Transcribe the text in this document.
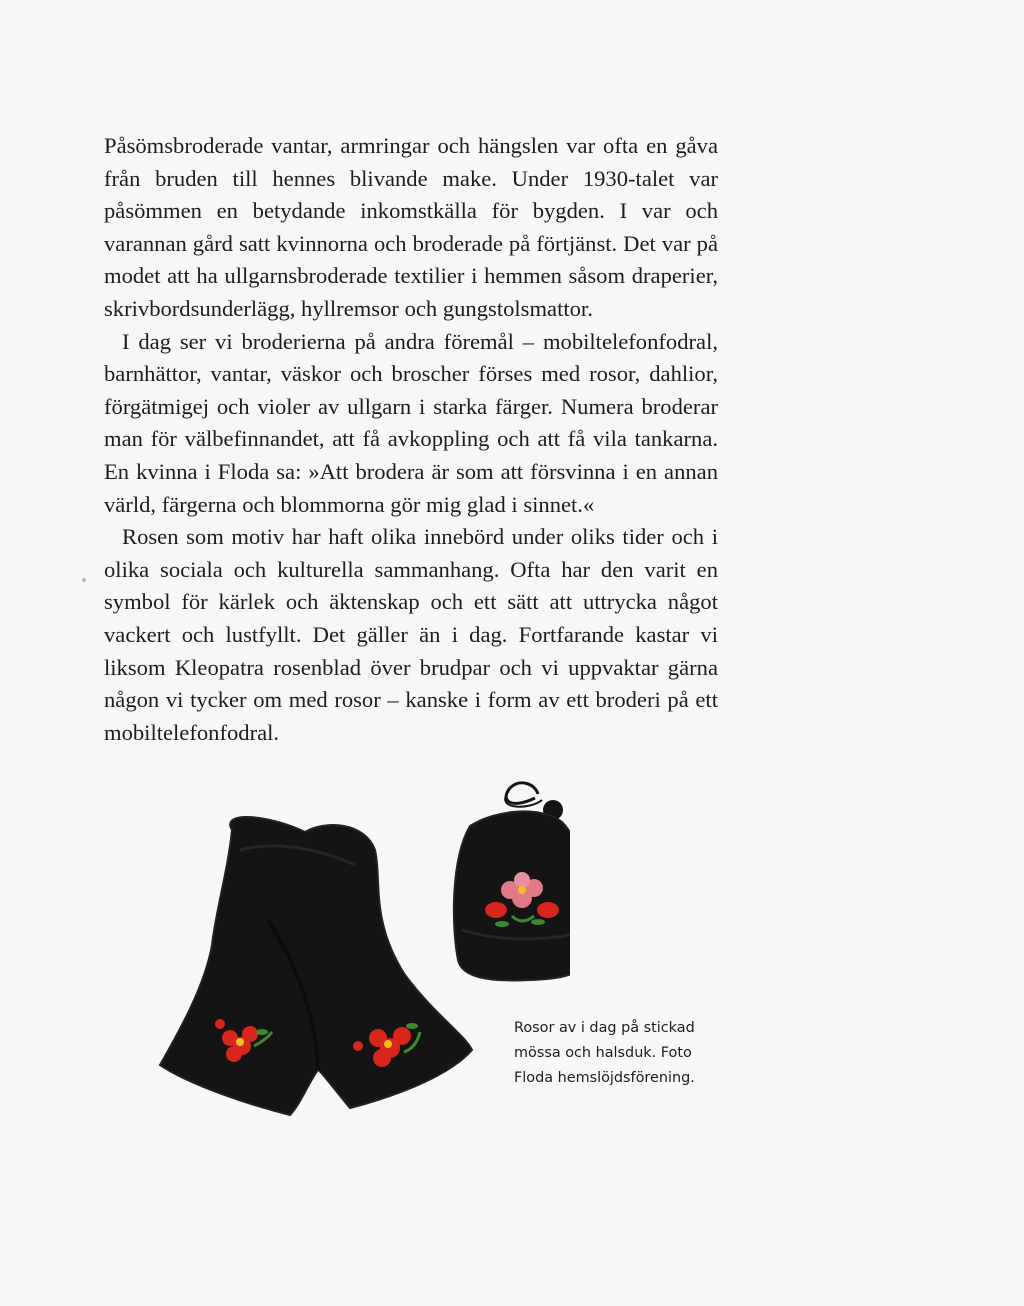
Påsömsbroderade vantar, armringar och hängslen var ofta en gåva från bruden till hennes blivande make. Under 1930-talet var påsömmen en betydande inkomstkälla för bygden. I var och varannan gård satt kvinnorna och broderade på förtjänst. Det var på modet att ha ullgarnsbroderade textilier i hemmen såsom draperier, skrivbordsunderlägg, hyllremsor och gungstolsmattor.

I dag ser vi broderierna på andra föremål – mobiltelefonfodral, barnhättor, vantar, väskor och broscher förses med rosor, dahlior, förgätmigej och violer av ullgarn i starka färger. Numera broderar man för välbefinnandet, att få avkoppling och att få vila tankarna. En kvinna i Floda sa: »Att brodera är som att försvinna i en annan värld, färgerna och blommorna gör mig glad i sinnet.«

Rosen som motiv har haft olika innebörd under oliks tider och i olika sociala och kulturella sammanhang. Ofta har den varit en symbol för kärlek och äktenskap och ett sätt att uttrycka något vackert och lustfyllt. Det gäller än i dag. Fortfarande kastar vi liksom Kleopatra rosenblad över brudpar och vi uppvaktar gärna någon vi tycker om med rosor – kanske i form av ett broderi på ett mobiltelefonfodral.

Rosor av i dag på stickad
mössa och halsduk. Foto
Floda hemslöjdsförening.
